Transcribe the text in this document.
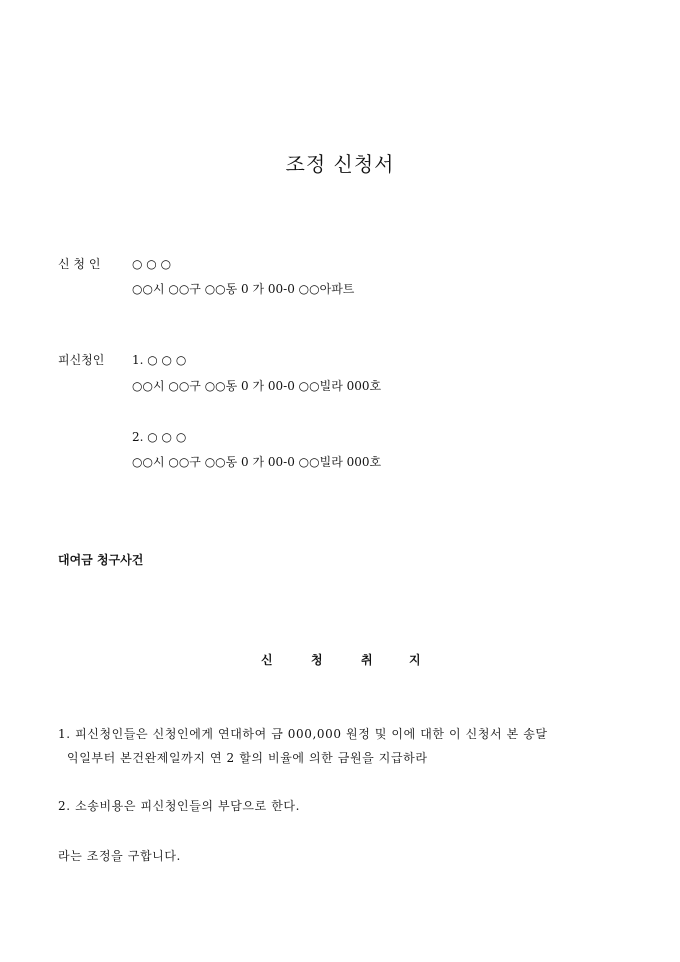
조정 신청서
신 청 인	○ ○ ○
○○시 ○○구 ○○동 0 가 00-0 ○○아파트
피신청인 1. ○ ○ ○
○○시 ○○구 ○○동 0 가 00-0 ○○빌라 000호
2. ○ ○ ○
○○시 ○○구 ○○동 0 가 00-0 ○○빌라 000호
대여금 청구사건
신	청	취	지
1. 피신청인들은 신청인에게 연대하여 금 000,000 원정 및 이에 대한 이 신청서 본 송달
익일부터 본건완제일까지 연 2 할의 비율에 의한 금원을 지급하라
2. 소송비용은 피신청인들의 부담으로 한다.
라는 조정을 구합니다.
